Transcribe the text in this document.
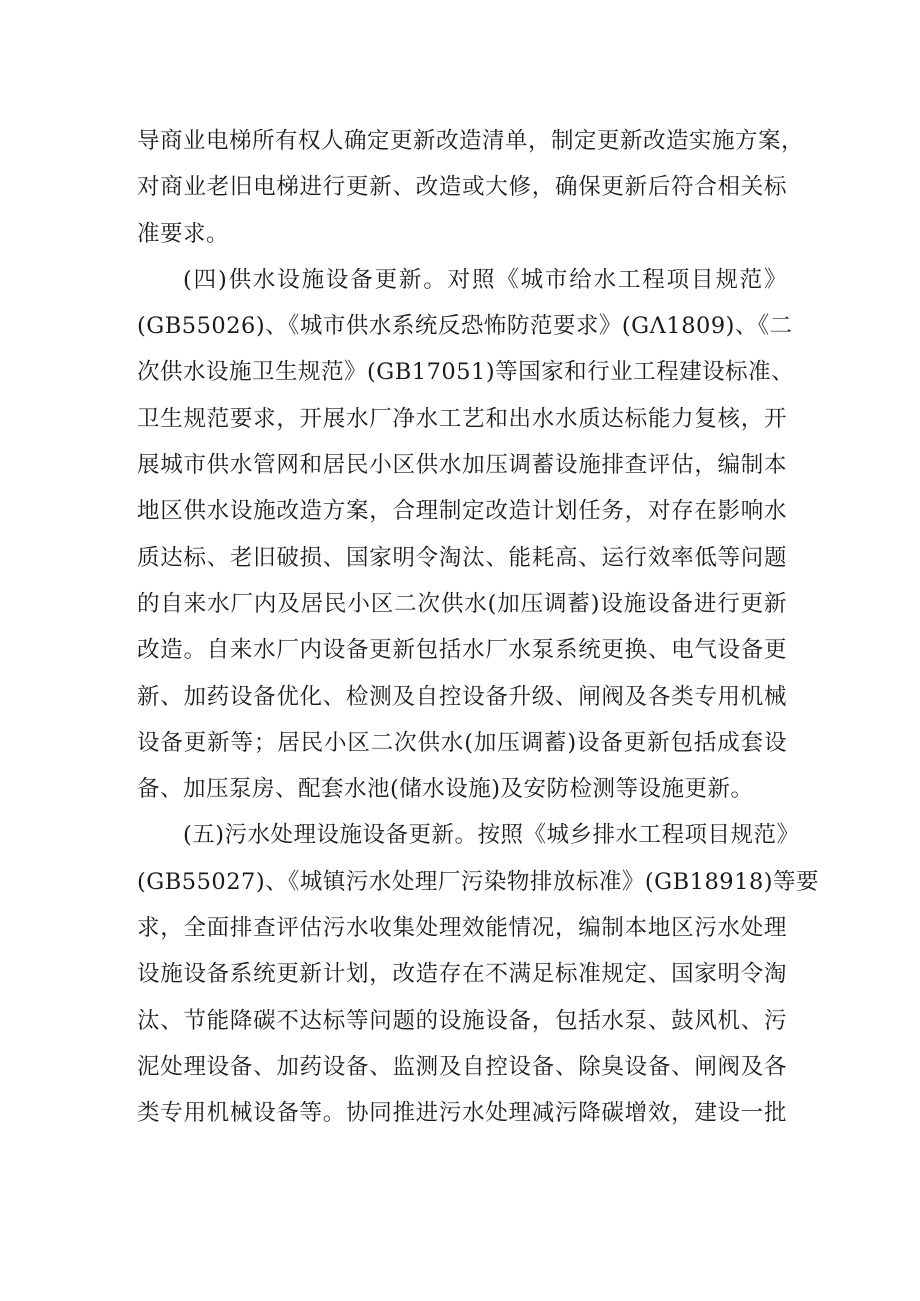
导商业电梯所有权人确定更新改造清单，制定更新改造实施方案，
对商业老旧电梯进行更新、改造或大修，确保更新后符合相关标
准要求。
(四)供水设施设备更新。对照《城市给水工程项目规范》
(GB55026)、《城市供水系统反恐怖防范要求》(GΛ1809)、《二
次供水设施卫生规范》(GB17051)等国家和行业工程建设标准、
卫生规范要求，开展水厂净水工艺和出水水质达标能力复核，开
展城市供水管网和居民小区供水加压调蓄设施排查评估，编制本
地区供水设施改造方案，合理制定改造计划任务，对存在影响水
质达标、老旧破损、国家明令淘汰、能耗高、运行效率低等问题
的自来水厂内及居民小区二次供水(加压调蓄)设施设备进行更新
改造。自来水厂内设备更新包括水厂水泵系统更换、电气设备更
新、加药设备优化、检测及自控设备升级、闸阀及各类专用机械
设备更新等；居民小区二次供水(加压调蓄)设备更新包括成套设
备、加压泵房、配套水池(储水设施)及安防检测等设施更新。
(五)污水处理设施设备更新。按照《城乡排水工程项目规范》
(GB55027)、《城镇污水处理厂污染物排放标准》(GB18918)等要
求，全面排查评估污水收集处理效能情况，编制本地区污水处理
设施设备系统更新计划，改造存在不满足标准规定、国家明令淘
汰、节能降碳不达标等问题的设施设备，包括水泵、鼓风机、污
泥处理设备、加药设备、监测及自控设备、除臭设备、闸阀及各
类专用机械设备等。协同推进污水处理减污降碳增效，建设一批
